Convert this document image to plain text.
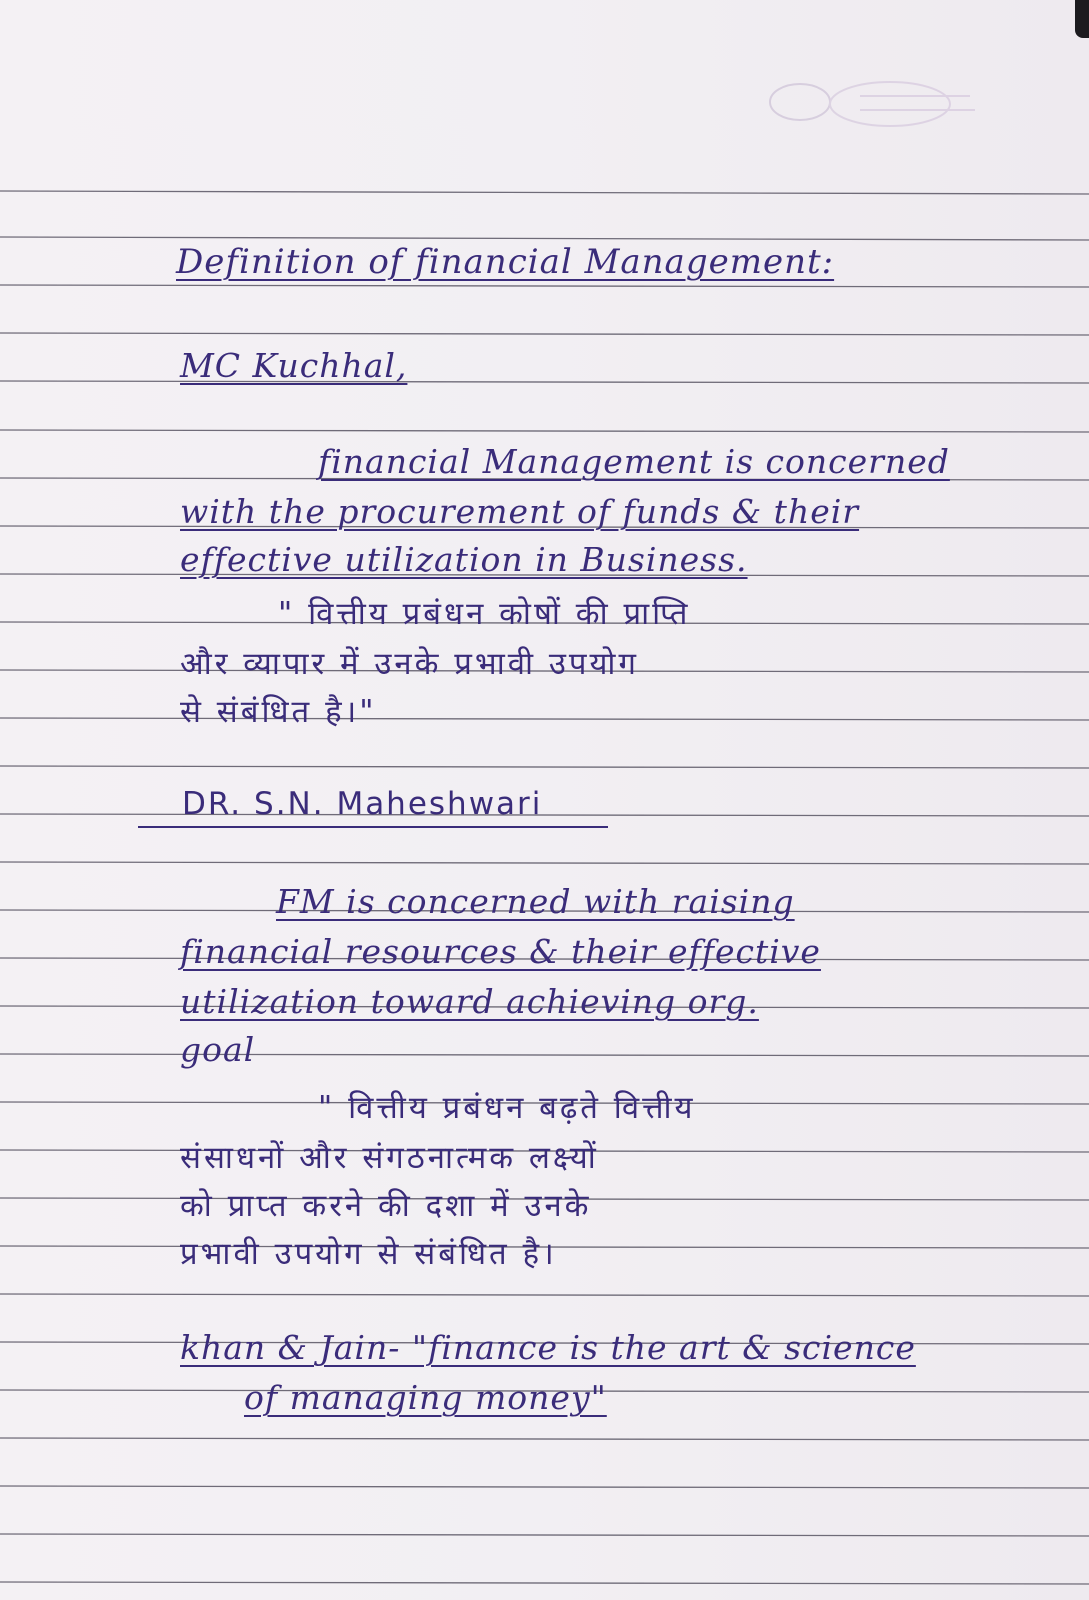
Definition of financial Management:

MC Kuchhal,

financial Management is concerned

with the procurement of funds & their

effective utilization in Business.

" वित्तीय प्रबंधन कोषों की प्राप्ति

और व्यापार में उनके प्रभावी उपयोग

से संबंधित है।"

DR. S.N. Maheshwari

FM is concerned with raising

financial resources & their effective

utilization toward achieving org.

goal

" वित्तीय प्रबंधन बढ़ते वित्तीय

संसाधनों और संगठनात्मक लक्ष्यों

को प्राप्त करने की दशा में उनके

प्रभावी उपयोग से संबंधित है।

khan & Jain- "finance is the art & science

of managing money"
